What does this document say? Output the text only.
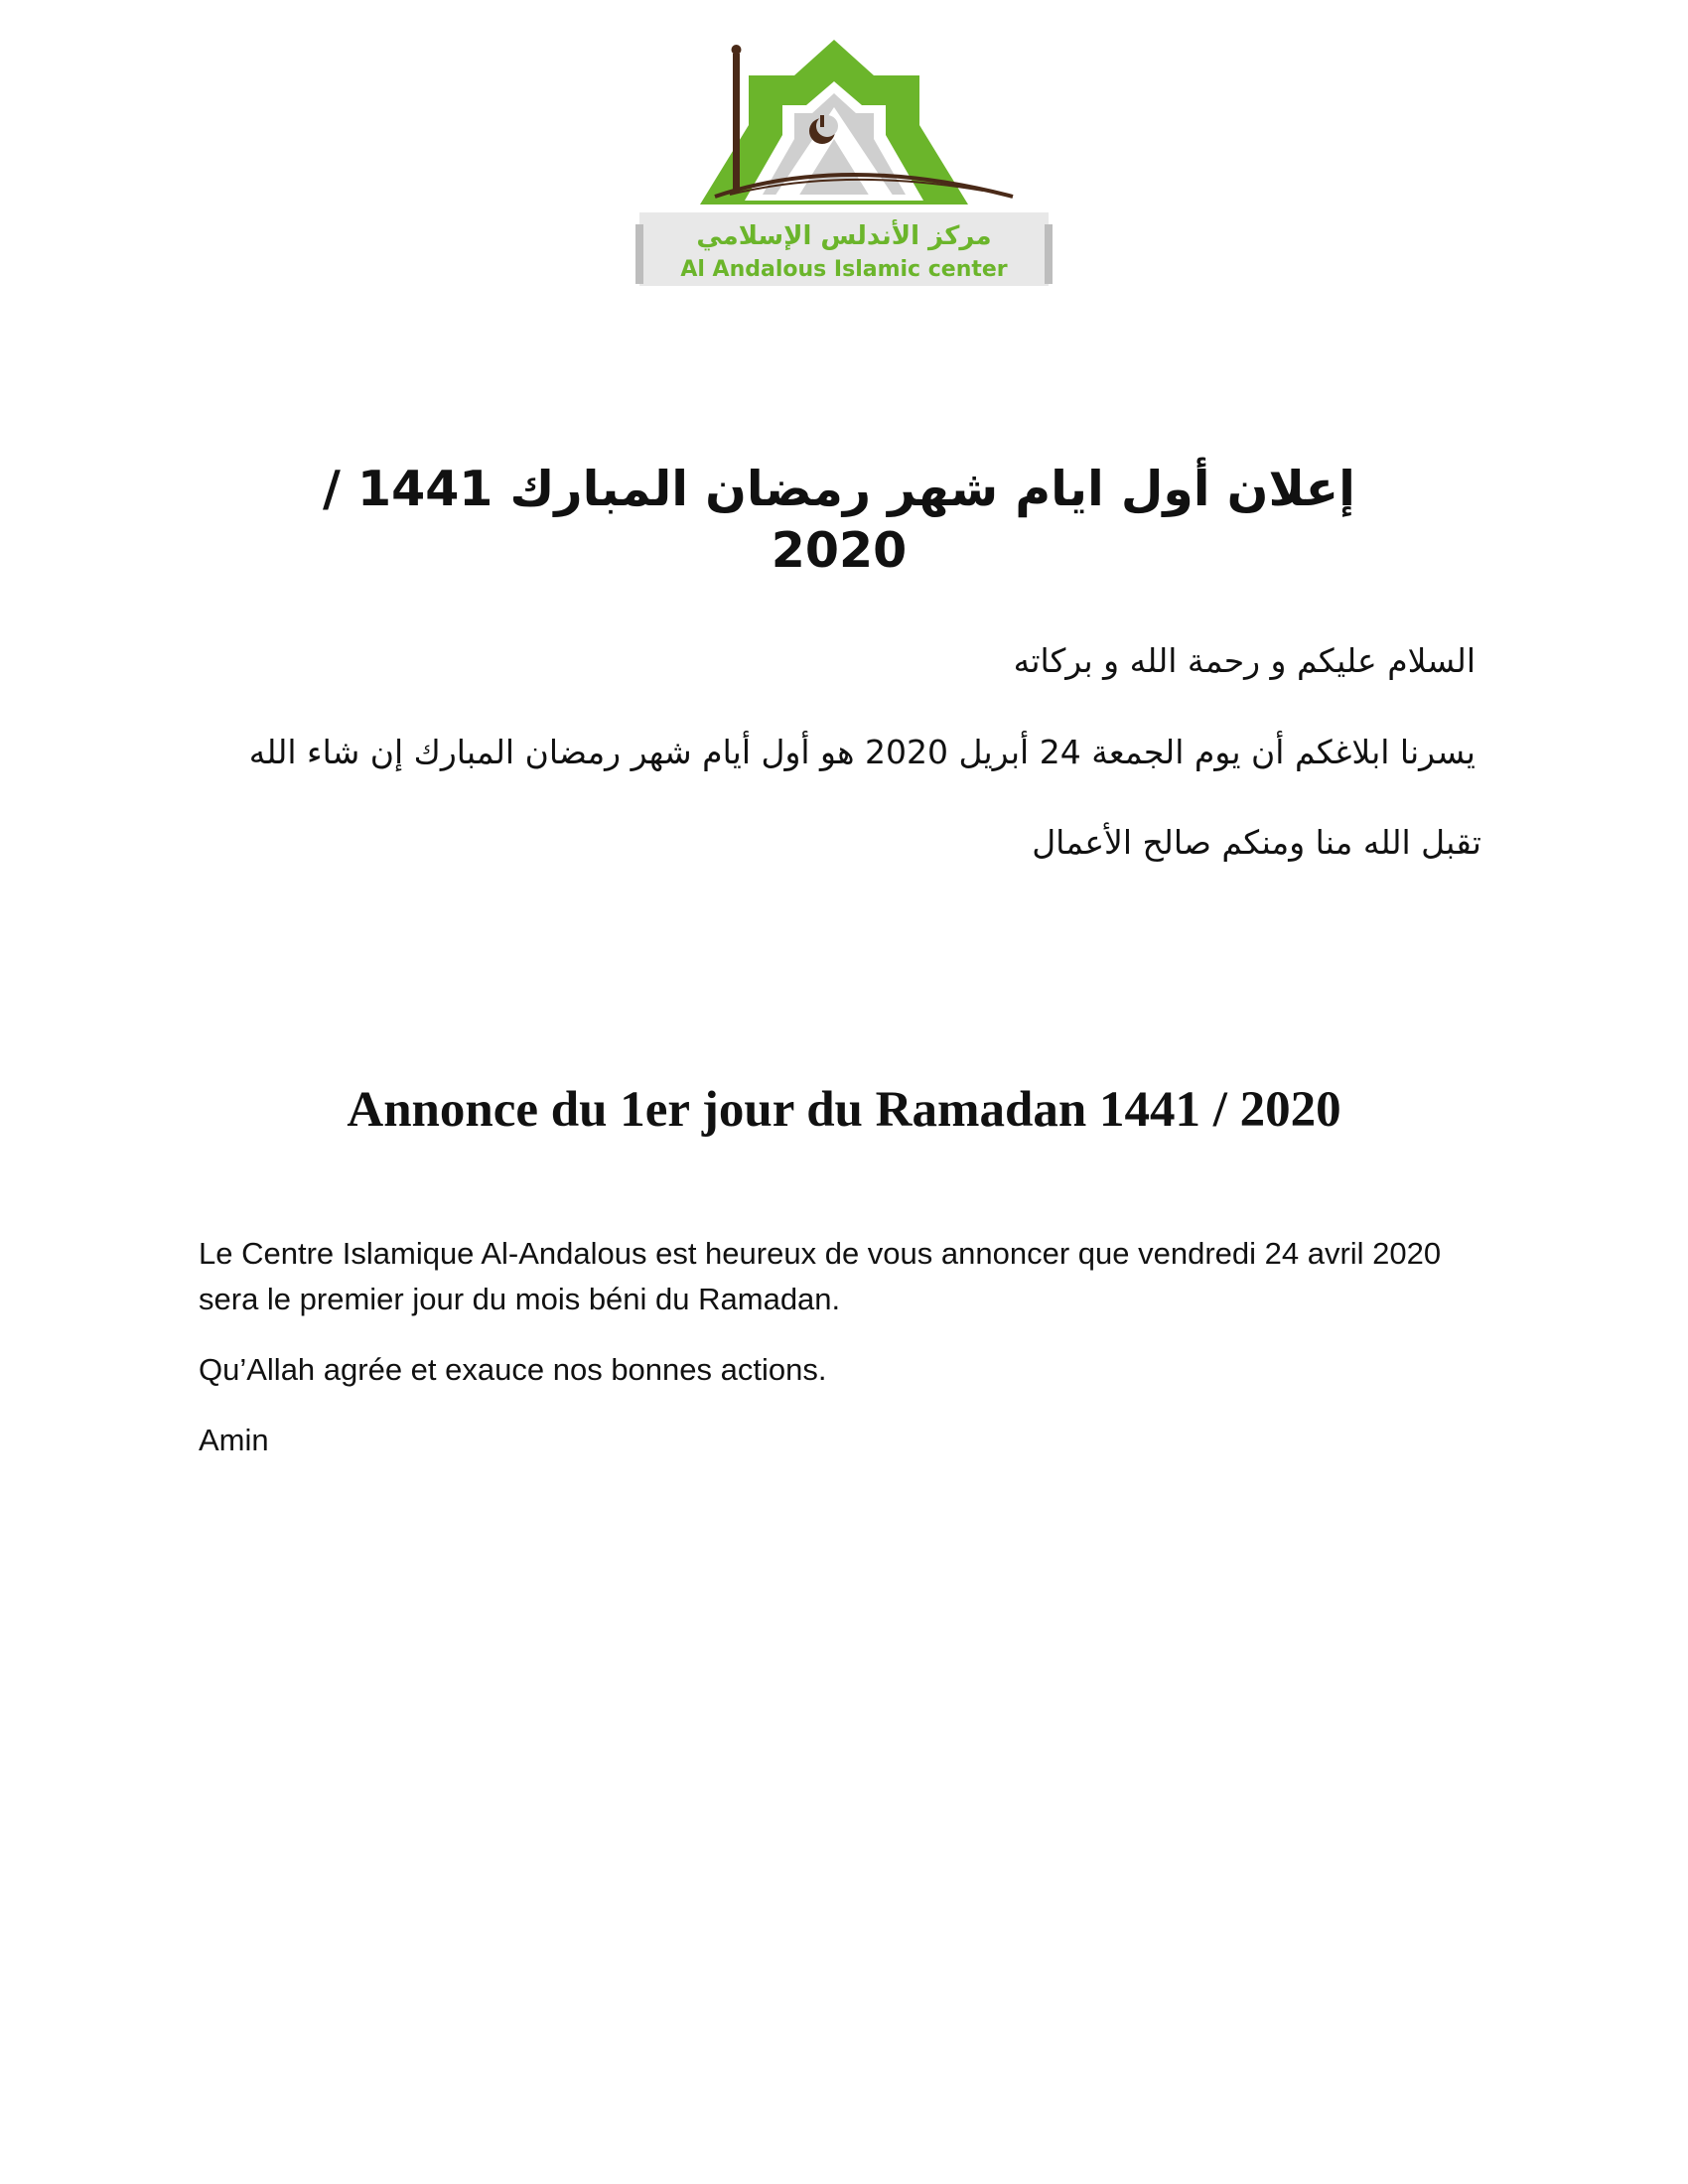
مركز الأندلس الإسلامي
Al Andalous Islamic center
إعلان أول ايام شهر رمضان المبارك 1441 / 2020

السلام عليكم و رحمة الله و بركاته

يسرنا ابلاغكم أن يوم الجمعة 24 أبريل 2020 هو أول أيام شهر رمضان المبارك إن شاء الله

تقبل الله منا ومنكم صالح الأعمال

Annonce du 1er jour du Ramadan 1441 / 2020

Le Centre Islamique Al-Andalous est heureux de vous annoncer que vendredi 24 avril 2020 sera le premier jour du mois béni du Ramadan.

Qu’Allah agrée et exauce nos bonnes actions.

Amin
